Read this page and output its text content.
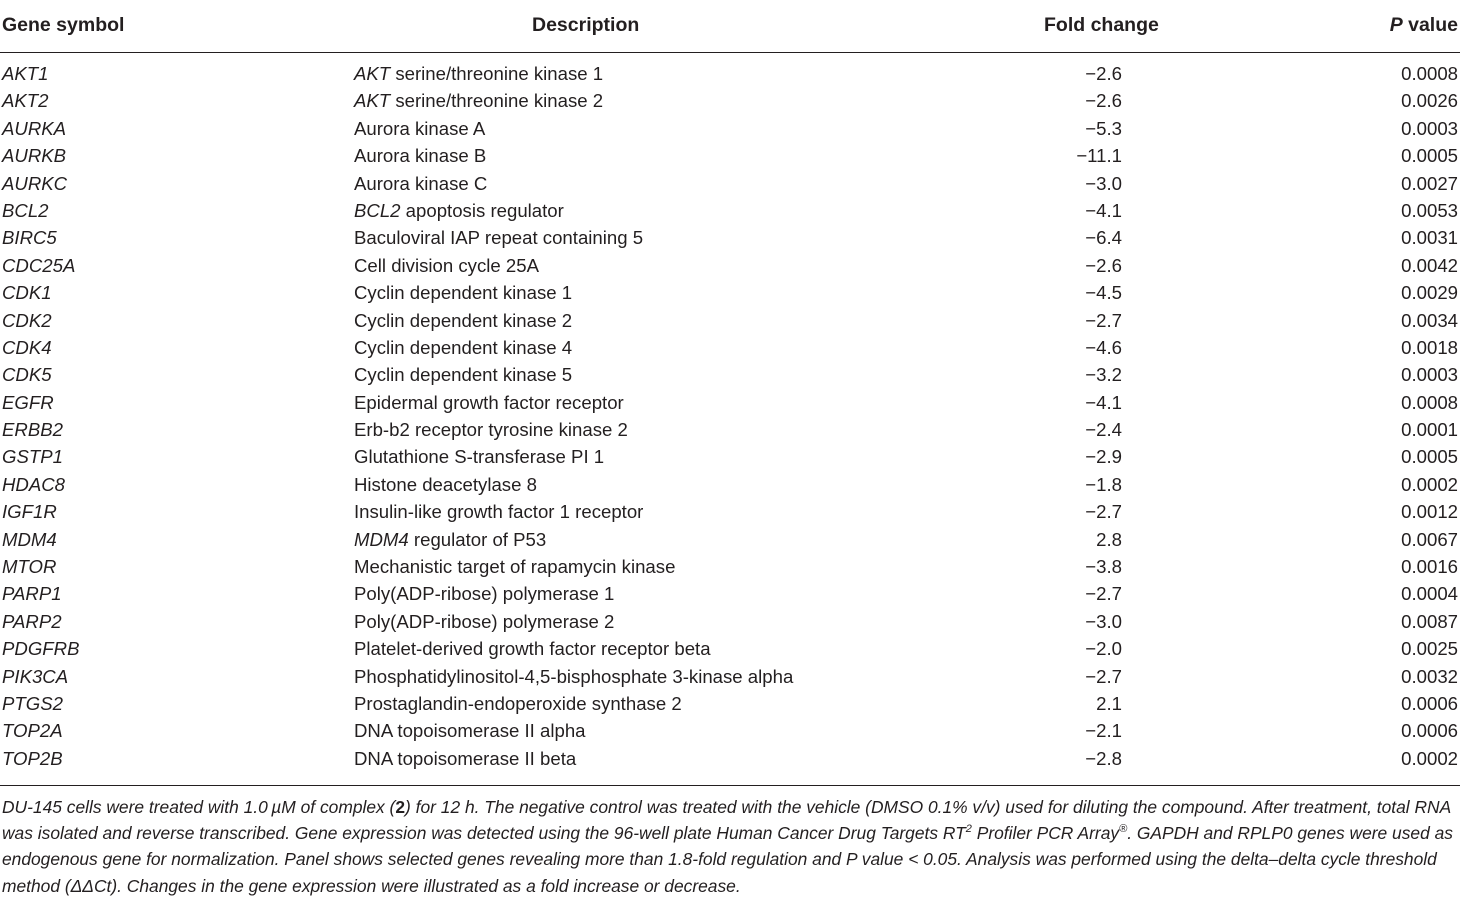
Gene symbol	Description	Fold change	P value
AKT1	AKT serine/threonine kinase 1	−2.6	0.0008
AKT2	AKT serine/threonine kinase 2	−2.6	0.0026
AURKA	Aurora kinase A	−5.3	0.0003
AURKB	Aurora kinase B	−11.1	0.0005
AURKC	Aurora kinase C	−3.0	0.0027
BCL2	BCL2 apoptosis regulator	−4.1	0.0053
BIRC5	Baculoviral IAP repeat containing 5	−6.4	0.0031
CDC25A	Cell division cycle 25A	−2.6	0.0042
CDK1	Cyclin dependent kinase 1	−4.5	0.0029
CDK2	Cyclin dependent kinase 2	−2.7	0.0034
CDK4	Cyclin dependent kinase 4	−4.6	0.0018
CDK5	Cyclin dependent kinase 5	−3.2	0.0003
EGFR	Epidermal growth factor receptor	−4.1	0.0008
ERBB2	Erb-b2 receptor tyrosine kinase 2	−2.4	0.0001
GSTP1	Glutathione S-transferase PI 1	−2.9	0.0005
HDAC8	Histone deacetylase 8	−1.8	0.0002
IGF1R	Insulin-like growth factor 1 receptor	−2.7	0.0012
MDM4	MDM4 regulator of P53	2.8	0.0067
MTOR	Mechanistic target of rapamycin kinase	−3.8	0.0016
PARP1	Poly(ADP-ribose) polymerase 1	−2.7	0.0004
PARP2	Poly(ADP-ribose) polymerase 2	−3.0	0.0087
PDGFRB	Platelet-derived growth factor receptor beta	−2.0	0.0025
PIK3CA	Phosphatidylinositol-4,5-bisphosphate 3-kinase alpha	−2.7	0.0032
PTGS2	Prostaglandin-endoperoxide synthase 2	2.1	0.0006
TOP2A	DNA topoisomerase II alpha	−2.1	0.0006
TOP2B	DNA topoisomerase II beta	−2.8	0.0002
DU-145 cells were treated with 1.0 µM of complex (2) for 12 h. The negative control was treated with the vehicle (DMSO 0.1% v/v) used for diluting the compound. After treatment, total RNA was isolated and reverse transcribed. Gene expression was detected using the 96-well plate Human Cancer Drug Targets $RT^2$ Profiler PCR Array®. GAPDH and RPLP0 genes were used as endogenous gene for normalization. Panel shows selected genes revealing more than 1.8-fold regulation and P value < 0.05. Analysis was performed using the delta–delta cycle threshold method (ΔΔCt). Changes in the gene expression were illustrated as a fold increase or decrease.
